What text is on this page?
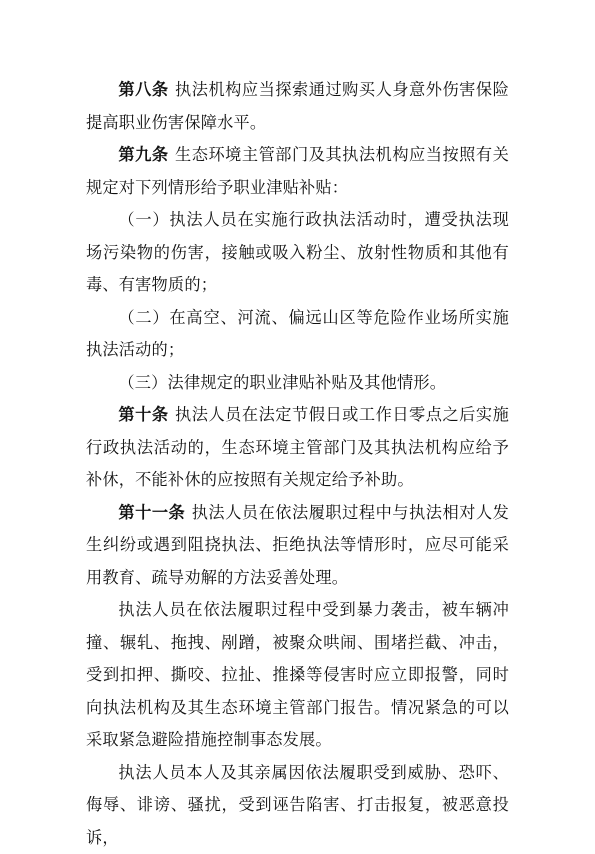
第八条 执法机构应当探索通过购买人身意外伤害保险提高职业伤害保障水平。

第九条 生态环境主管部门及其执法机构应当按照有关规定对下列情形给予职业津贴补贴：

（一）执法人员在实施行政执法活动时，遭受执法现场污染物的伤害，接触或吸入粉尘、放射性物质和其他有毒、有害物质的；

（二）在高空、河流、偏远山区等危险作业场所实施执法活动的；

（三）法律规定的职业津贴补贴及其他情形。

第十条 执法人员在法定节假日或工作日零点之后实施行政执法活动的，生态环境主管部门及其执法机构应给予补休，不能补休的应按照有关规定给予补助。

第十一条 执法人员在依法履职过程中与执法相对人发生纠纷或遇到阻挠执法、拒绝执法等情形时，应尽可能采用教育、疏导劝解的方法妥善处理。

执法人员在依法履职过程中受到暴力袭击，被车辆冲撞、辗轧、拖拽、剐蹭，被聚众哄闹、围堵拦截、冲击，受到扣押、撕咬、拉扯、推搡等侵害时应立即报警，同时向执法机构及其生态环境主管部门报告。情况紧急的可以采取紧急避险措施控制事态发展。

执法人员本人及其亲属因依法履职受到威胁、恐吓、侮辱、诽谤、骚扰，受到诬告陷害、打击报复，被恶意投诉，
